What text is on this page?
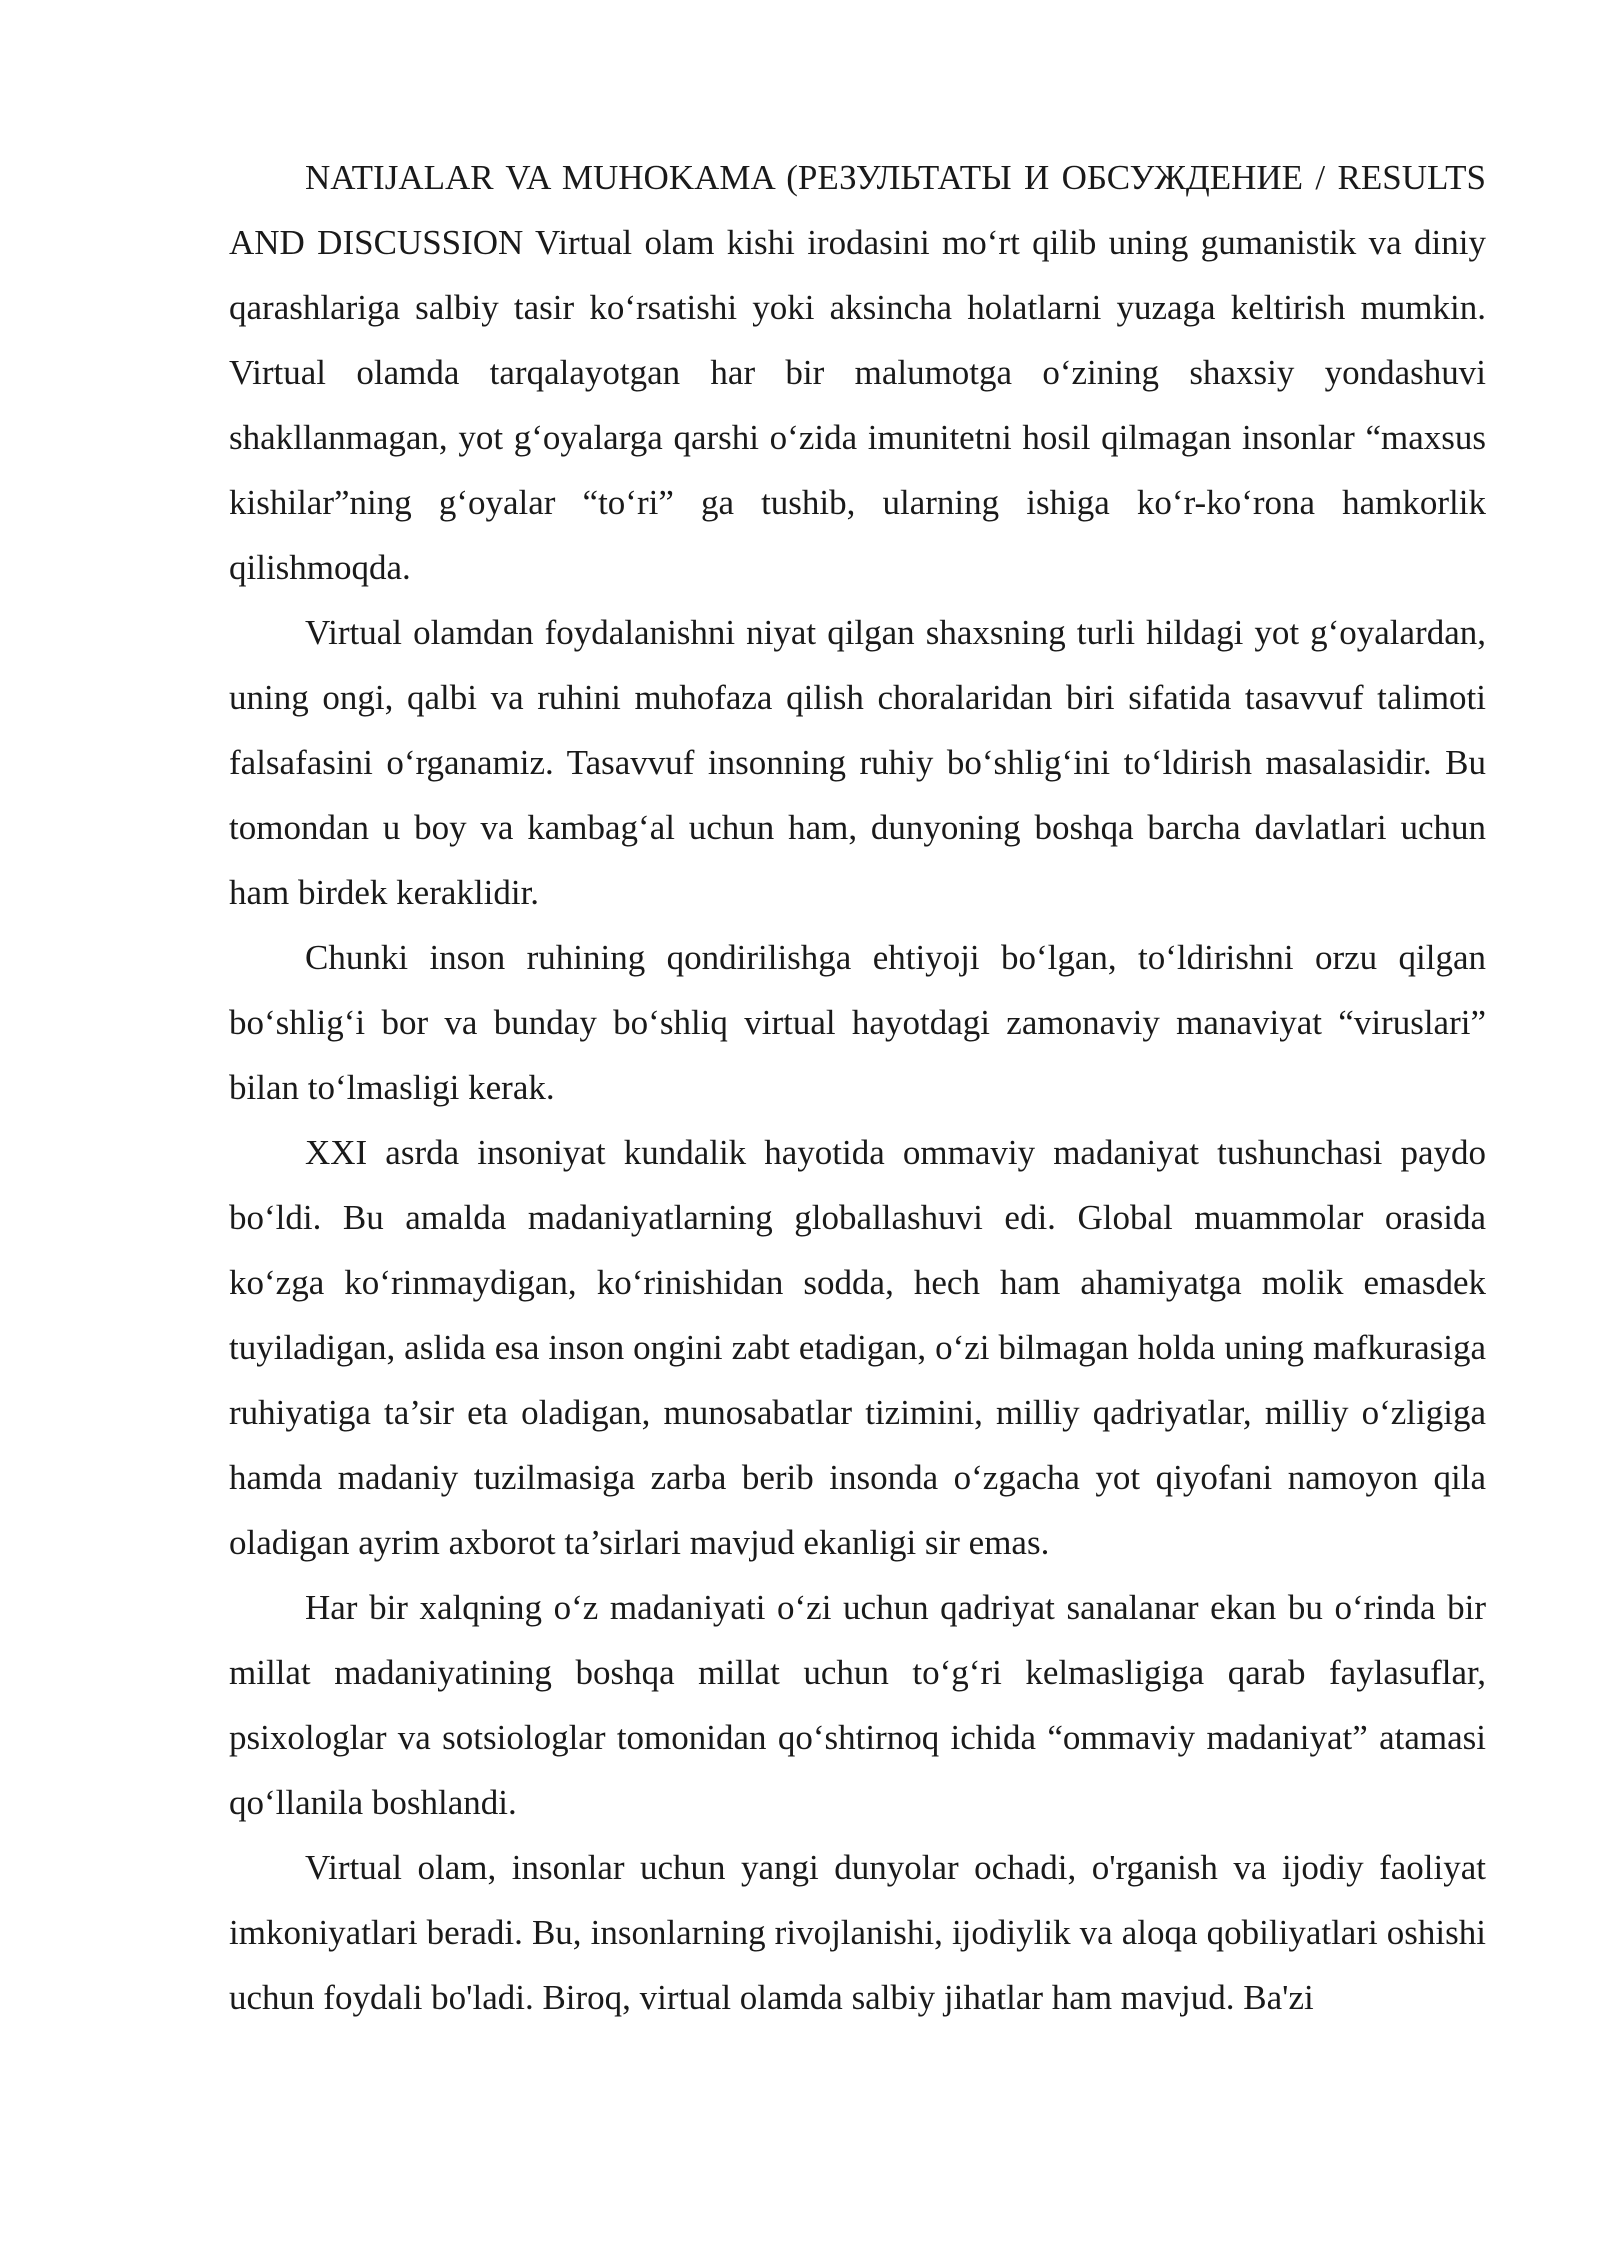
NATIJALAR VA MUHOKAMA (РЕЗУЛЬТАТЫ И ОБСУЖДЕНИЕ / RESULTS AND DISCUSSION Virtual olam kishi irodasini mo‘rt qilib uning gumanistik va diniy qarashlariga salbiy tasir ko‘rsatishi yoki aksincha holatlarni yuzaga keltirish mumkin. Virtual olamda tarqalayotgan har bir malumotga o‘zining shaxsiy yondashuvi shakllanmagan, yot g‘oyalarga qarshi o‘zida imunitetni hosil qilmagan insonlar “maxsus kishilar”ning g‘oyalar “to‘ri” ga tushib, ularning ishiga ko‘r-ko‘rona hamkorlik qilishmoqda.

Virtual olamdan foydalanishni niyat qilgan shaxsning turli hildagi yot g‘oyalardan, uning ongi, qalbi va ruhini muhofaza qilish choralaridan biri sifatida tasavvuf talimoti falsafasini o‘rganamiz. Tasavvuf insonning ruhiy bo‘shlig‘ini to‘ldirish masalasidir. Bu tomondan u boy va kambag‘al uchun ham, dunyoning boshqa barcha davlatlari uchun ham birdek keraklidir.

Chunki inson ruhining qondirilishga ehtiyoji bo‘lgan, to‘ldirishni orzu qilgan bo‘shlig‘i bor va bunday bo‘shliq virtual hayotdagi zamonaviy manaviyat “viruslari” bilan to‘lmasligi kerak.

XXI asrda insoniyat kundalik hayotida ommaviy madaniyat tushunchasi paydo bo‘ldi. Bu amalda madaniyatlarning globallashuvi edi. Global muammolar orasida ko‘zga ko‘rinmaydigan, ko‘rinishidan sodda, hech ham ahamiyatga molik emasdek tuyiladigan, aslida esa inson ongini zabt etadigan, o‘zi bilmagan holda uning mafkurasiga ruhiyatiga ta’sir eta oladigan, munosabatlar tizimini, milliy qadriyatlar, milliy o‘zligiga hamda madaniy tuzilmasiga zarba berib insonda o‘zgacha yot qiyofani namoyon qila oladigan ayrim axborot ta’sirlari mavjud ekanligi sir emas.

Har bir xalqning o‘z madaniyati o‘zi uchun qadriyat sanalanar ekan bu o‘rinda bir millat madaniyatining boshqa millat uchun to‘g‘ri kelmasligiga qarab faylasuflar, psixologlar va sotsiologlar tomonidan qo‘shtirnoq ichida “ommaviy madaniyat” atamasi qo‘llanila boshlandi.

Virtual olam, insonlar uchun yangi dunyolar ochadi, o'rganish va ijodiy faoliyat imkoniyatlari beradi. Bu, insonlarning rivojlanishi, ijodiylik va aloqa qobiliyatlari oshishi uchun foydali bo'ladi. Biroq, virtual olamda salbiy jihatlar ham mavjud. Ba'zi
